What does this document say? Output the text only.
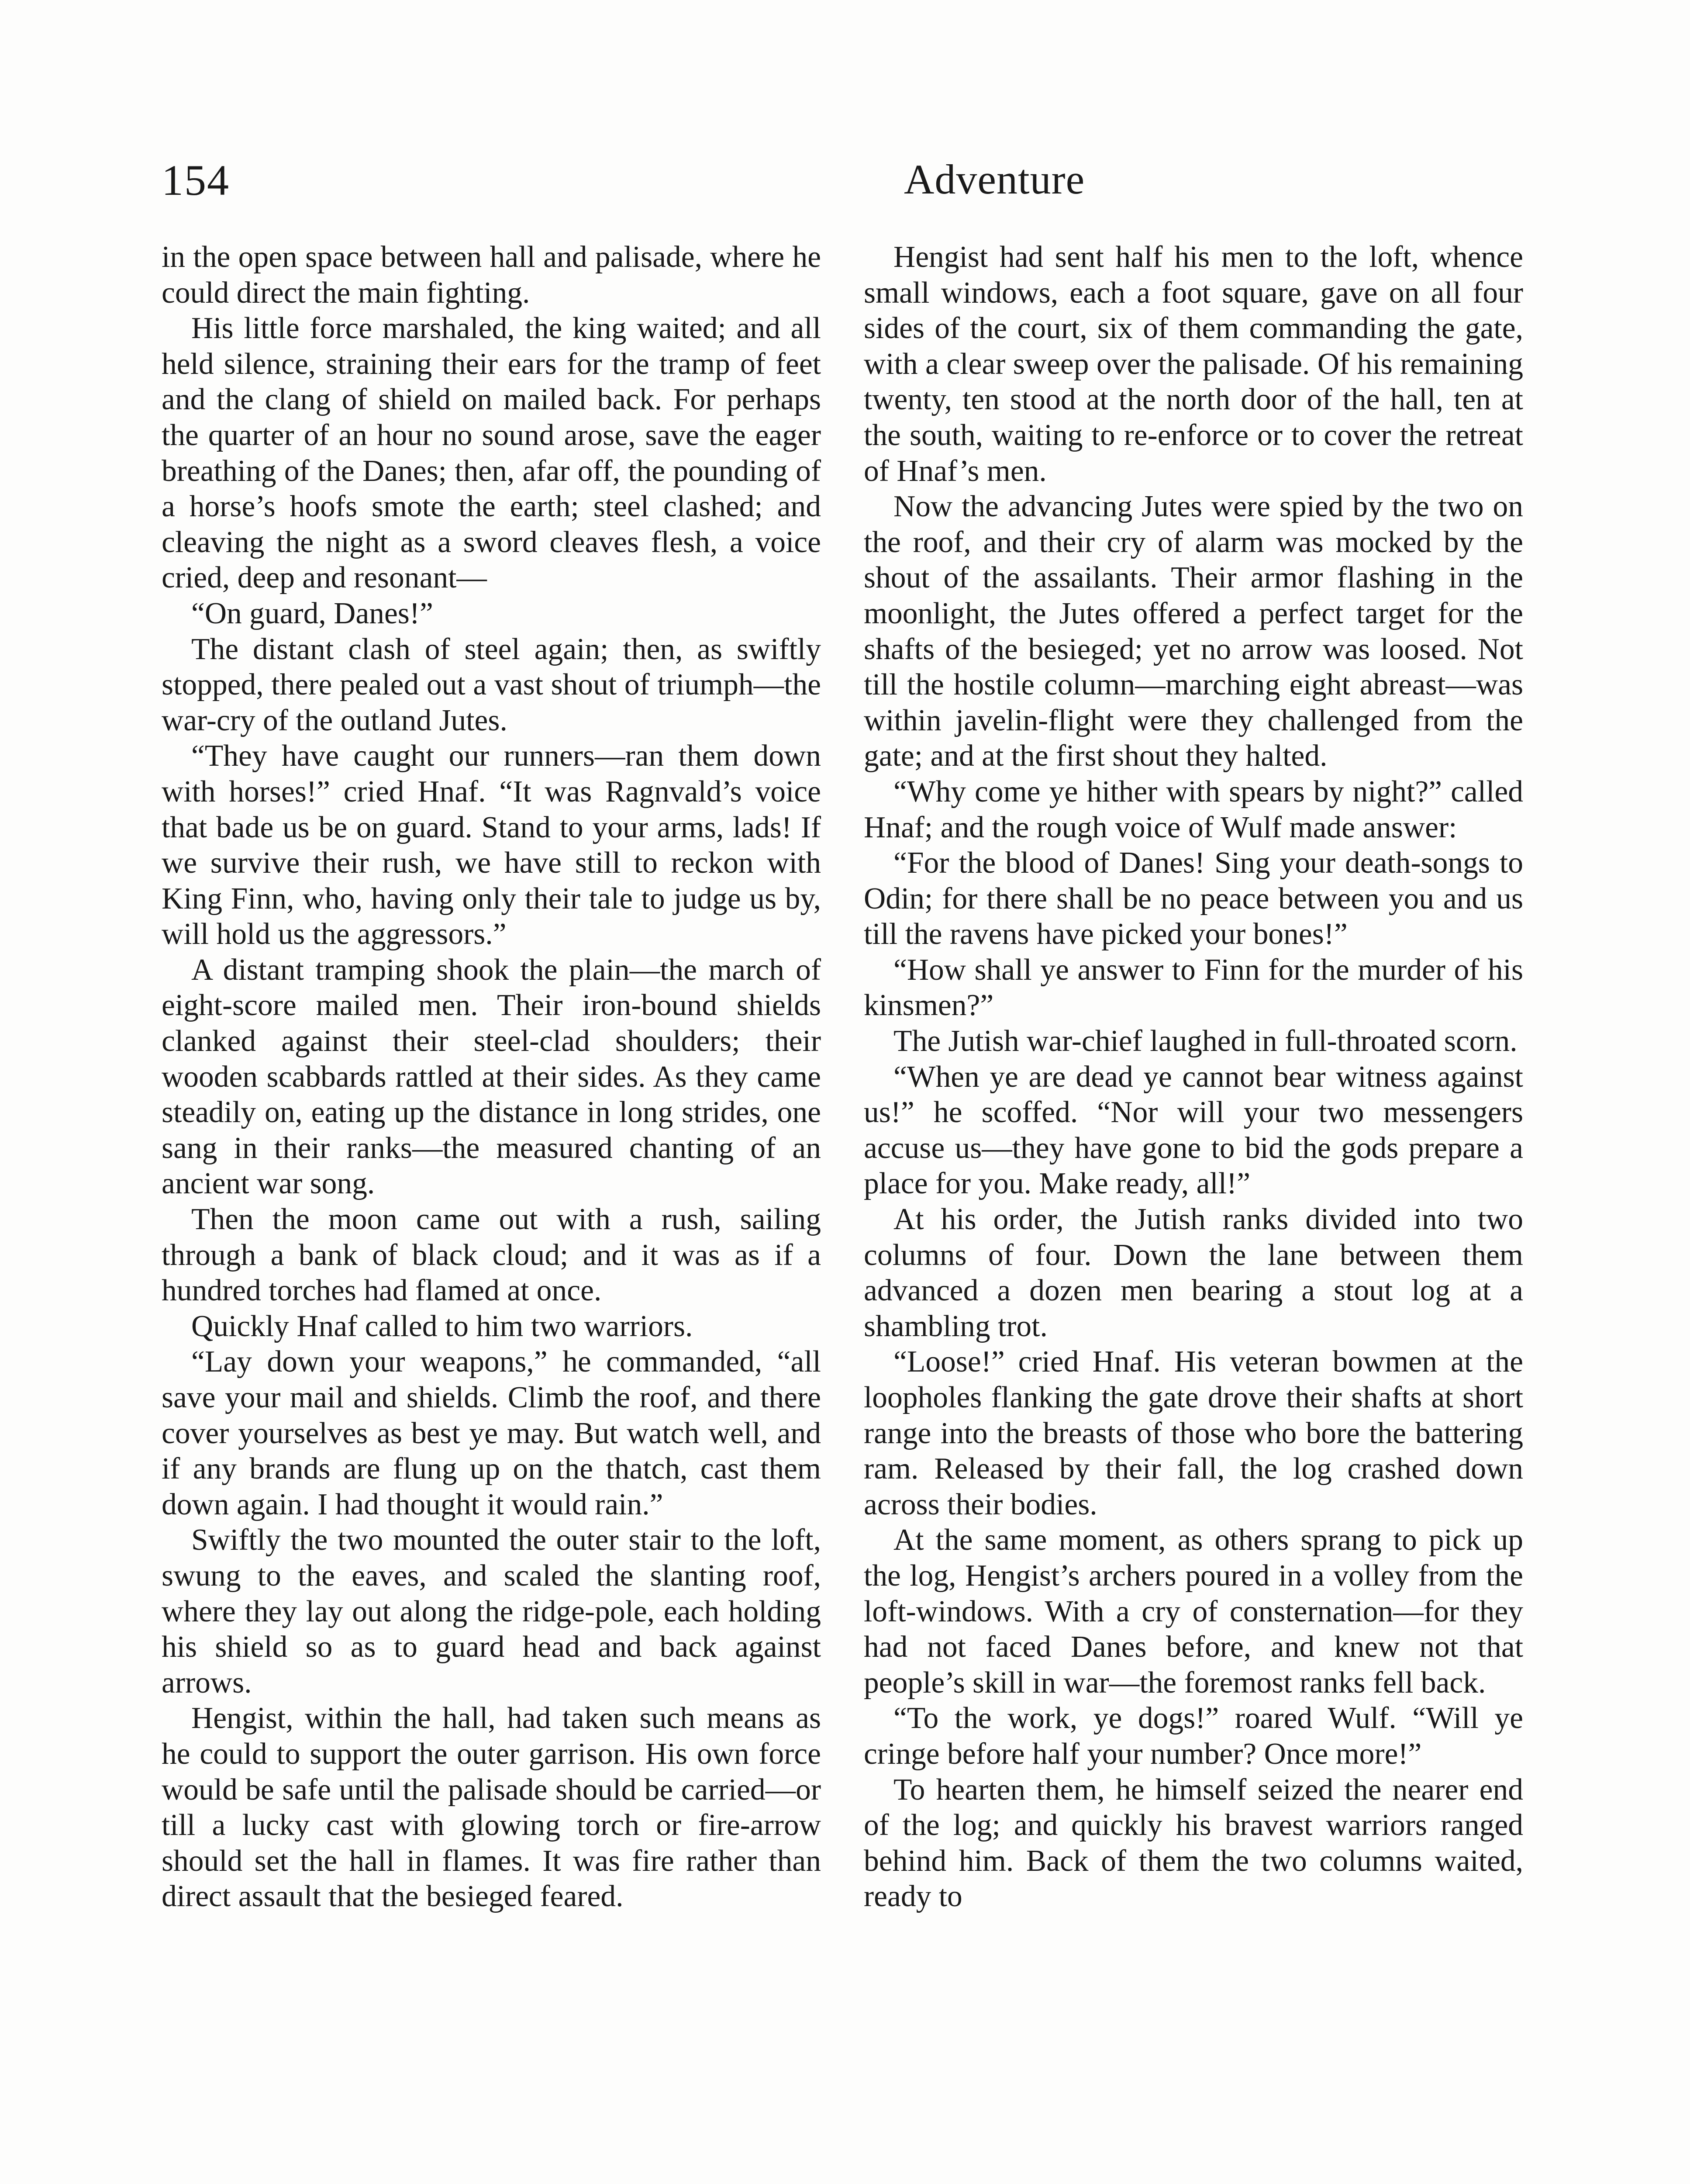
154	Adventure

in the open space between hall and palisade, where he could direct the main fighting.

His little force marshaled, the king waited; and all held silence, straining their ears for the tramp of feet and the clang of shield on mailed back. For perhaps the quarter of an hour no sound arose, save the eager breathing of the Danes; then, afar off, the pounding of a horse’s hoofs smote the earth; steel clashed; and cleaving the night as a sword cleaves flesh, a voice cried, deep and resonant—

“On guard, Danes!”

The distant clash of steel again; then, as swiftly stopped, there pealed out a vast shout of triumph—the war-cry of the outland Jutes.

“They have caught our runners—ran them down with horses!” cried Hnaf. “It was Ragnvald’s voice that bade us be on guard. Stand to your arms, lads! If we survive their rush, we have still to reckon with King Finn, who, having only their tale to judge us by, will hold us the aggressors.”

A distant tramping shook the plain—the march of eight-score mailed men. Their iron-bound shields clanked against their steel-clad shoulders; their wooden scabbards rattled at their sides. As they came steadily on, eating up the distance in long strides, one sang in their ranks—the measured chanting of an ancient war song.

Then the moon came out with a rush, sailing through a bank of black cloud; and it was as if a hundred torches had flamed at once.

Quickly Hnaf called to him two warriors.

“Lay down your weapons,” he commanded, “all save your mail and shields. Climb the roof, and there cover yourselves as best ye may. But watch well, and if any brands are flung up on the thatch, cast them down again. I had thought it would rain.”

Swiftly the two mounted the outer stair to the loft, swung to the eaves, and scaled the slanting roof, where they lay out along the ridge-pole, each holding his shield so as to guard head and back against arrows.

Hengist, within the hall, had taken such means as he could to support the outer garrison. His own force would be safe until the palisade should be carried—or till a lucky cast with glowing torch or fire-arrow should set the hall in flames. It was fire rather than direct assault that the besieged feared.

Hengist had sent half his men to the loft, whence small windows, each a foot square, gave on all four sides of the court, six of them commanding the gate, with a clear sweep over the palisade. Of his remaining twenty, ten stood at the north door of the hall, ten at the south, waiting to re-enforce or to cover the retreat of Hnaf’s men.

Now the advancing Jutes were spied by the two on the roof, and their cry of alarm was mocked by the shout of the assailants. Their armor flashing in the moonlight, the Jutes offered a perfect target for the shafts of the besieged; yet no arrow was loosed. Not till the hostile column—marching eight abreast—was within javelin-flight were they challenged from the gate; and at the first shout they halted.

“Why come ye hither with spears by night?” called Hnaf; and the rough voice of Wulf made answer:

“For the blood of Danes! Sing your death-songs to Odin; for there shall be no peace between you and us till the ravens have picked your bones!”

“How shall ye answer to Finn for the murder of his kinsmen?”

The Jutish war-chief laughed in full-throated scorn.

“When ye are dead ye cannot bear witness against us!” he scoffed. “Nor will your two messengers accuse us—they have gone to bid the gods prepare a place for you. Make ready, all!”

At his order, the Jutish ranks divided into two columns of four. Down the lane between them advanced a dozen men bearing a stout log at a shambling trot.

“Loose!” cried Hnaf. His veteran bowmen at the loopholes flanking the gate drove their shafts at short range into the breasts of those who bore the battering ram. Released by their fall, the log crashed down across their bodies.

At the same moment, as others sprang to pick up the log, Hengist’s archers poured in a volley from the loft-windows. With a cry of consternation—for they had not faced Danes before, and knew not that people’s skill in war—the foremost ranks fell back.

“To the work, ye dogs!” roared Wulf. “Will ye cringe before half your number? Once more!”

To hearten them, he himself seized the nearer end of the log; and quickly his bravest warriors ranged behind him. Back of them the two columns waited, ready to
